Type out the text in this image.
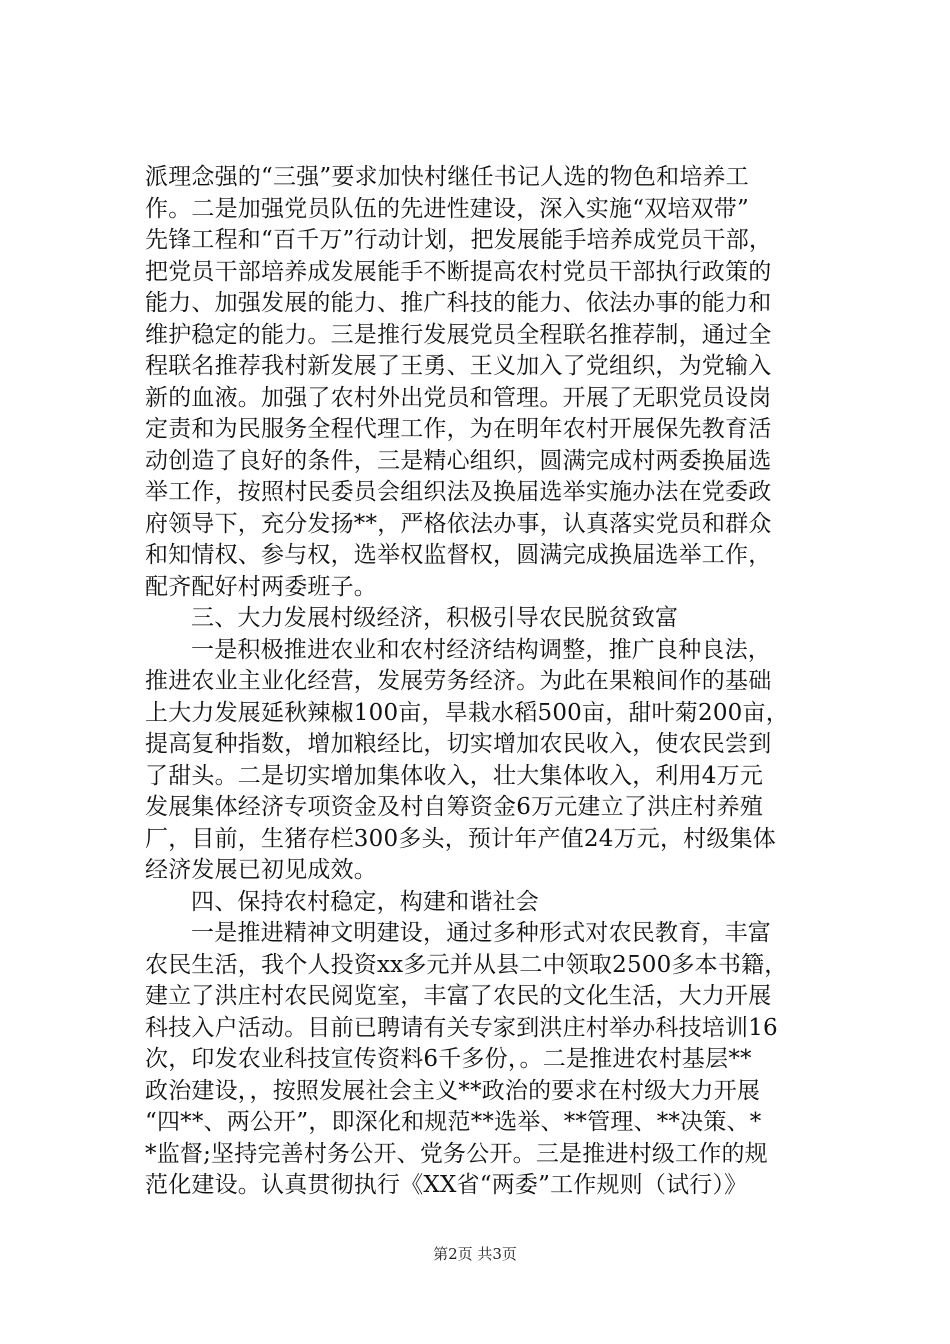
派理念强的“三强”要求加快村继任书记人选的物色和培养工
作。二是加强党员队伍的先进性建设，深入实施“双培双带”
先锋工程和“百千万”行动计划，把发展能手培养成党员干部，
把党员干部培养成发展能手不断提高农村党员干部执行政策的
能力、加强发展的能力、推广科技的能力、依法办事的能力和
维护稳定的能力。三是推行发展党员全程联名推荐制，通过全
程联名推荐我村新发展了王勇、王义加入了党组织，为党输入
新的血液。加强了农村外出党员和管理。开展了无职党员设岗
定责和为民服务全程代理工作，为在明年农村开展保先教育活
动创造了良好的条件，三是精心组织，圆满完成村两委换届选
举工作，按照村民委员会组织法及换届选举实施办法在党委政
府领导下，充分发扬**，严格依法办事，认真落实党员和群众
和知情权、参与权，选举权监督权，圆满完成换届选举工作，
配齐配好村两委班子。
三、大力发展村级经济，积极引导农民脱贫致富
一是积极推进农业和农村经济结构调整，推广良种良法，
推进农业主业化经营，发展劳务经济。为此在果粮间作的基础
上大力发展延秋辣椒100亩，旱栽水稻500亩，甜叶菊200亩，
提高复种指数，增加粮经比，切实增加农民收入，使农民尝到
了甜头。二是切实增加集体收入，壮大集体收入，利用4万元
发展集体经济专项资金及村自筹资金6万元建立了洪庄村养殖
厂，目前，生猪存栏300多头，预计年产值24万元，村级集体
经济发展已初见成效。
四、保持农村稳定，构建和谐社会
一是推进精神文明建设，通过多种形式对农民教育，丰富
农民生活，我个人投资xx多元并从县二中领取2500多本书籍，
建立了洪庄村农民阅览室，丰富了农民的文化生活，大力开展
科技入户活动。目前已聘请有关专家到洪庄村举办科技培训16
次，印发农业科技宣传资料6千多份，。二是推进农村基层**
政治建设，，按照发展社会主义**政治的要求在村级大力开展
“四**、两公开”，即深化和规范**选举、**管理、**决策、*
*监督;坚持完善村务公开、党务公开。三是推进村级工作的规
范化建设。认真贯彻执行《XX省“两委”工作规则（试行）》
第2页 共3页
